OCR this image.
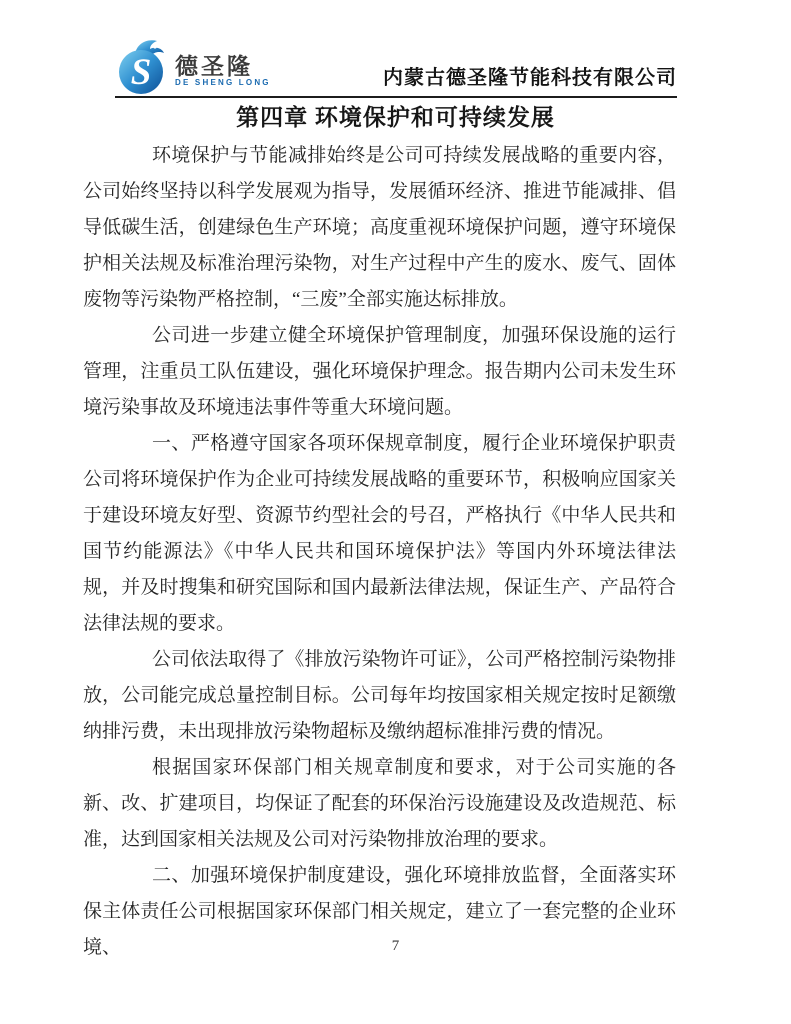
S 德圣隆
DE SHENG LONG	内蒙古德圣隆节能科技有限公司
第四章 环境保护和可持续发展

环境保护与节能减排始终是公司可持续发展战略的重要内容，公司始终坚持以科学发展观为指导，发展循环经济、推进节能减排、倡导低碳生活，创建绿色生产环境；高度重视环境保护问题，遵守环境保护相关法规及标准治理污染物，对生产过程中产生的废水、废气、固体废物等污染物严格控制，“三废”全部实施达标排放。

公司进一步建立健全环境保护管理制度，加强环保设施的运行管理，注重员工队伍建设，强化环境保护理念。报告期内公司未发生环境污染事故及环境违法事件等重大环境问题。

一、严格遵守国家各项环保规章制度，履行企业环境保护职责公司将环境保护作为企业可持续发展战略的重要环节，积极响应国家关于建设环境友好型、资源节约型社会的号召，严格执行《中华人民共和国节约能源法》《中华人民共和国环境保护法》等国内外环境法律法规，并及时搜集和研究国际和国内最新法律法规，保证生产、产品符合法律法规的要求。

公司依法取得了《排放污染物许可证》，公司严格控制污染物排放，公司能完成总量控制目标。公司每年均按国家相关规定按时足额缴纳排污费，未出现排放污染物超标及缴纳超标准排污费的情况。

根据国家环保部门相关规章制度和要求，对于公司实施的各新、改、扩建项目，均保证了配套的环保治污设施建设及改造规范、标准，达到国家相关法规及公司对污染物排放治理的要求。

二、加强环境保护制度建设，强化环境排放监督，全面落实环保主体责任公司根据国家环保部门相关规定，建立了一套完整的企业环境、	7
